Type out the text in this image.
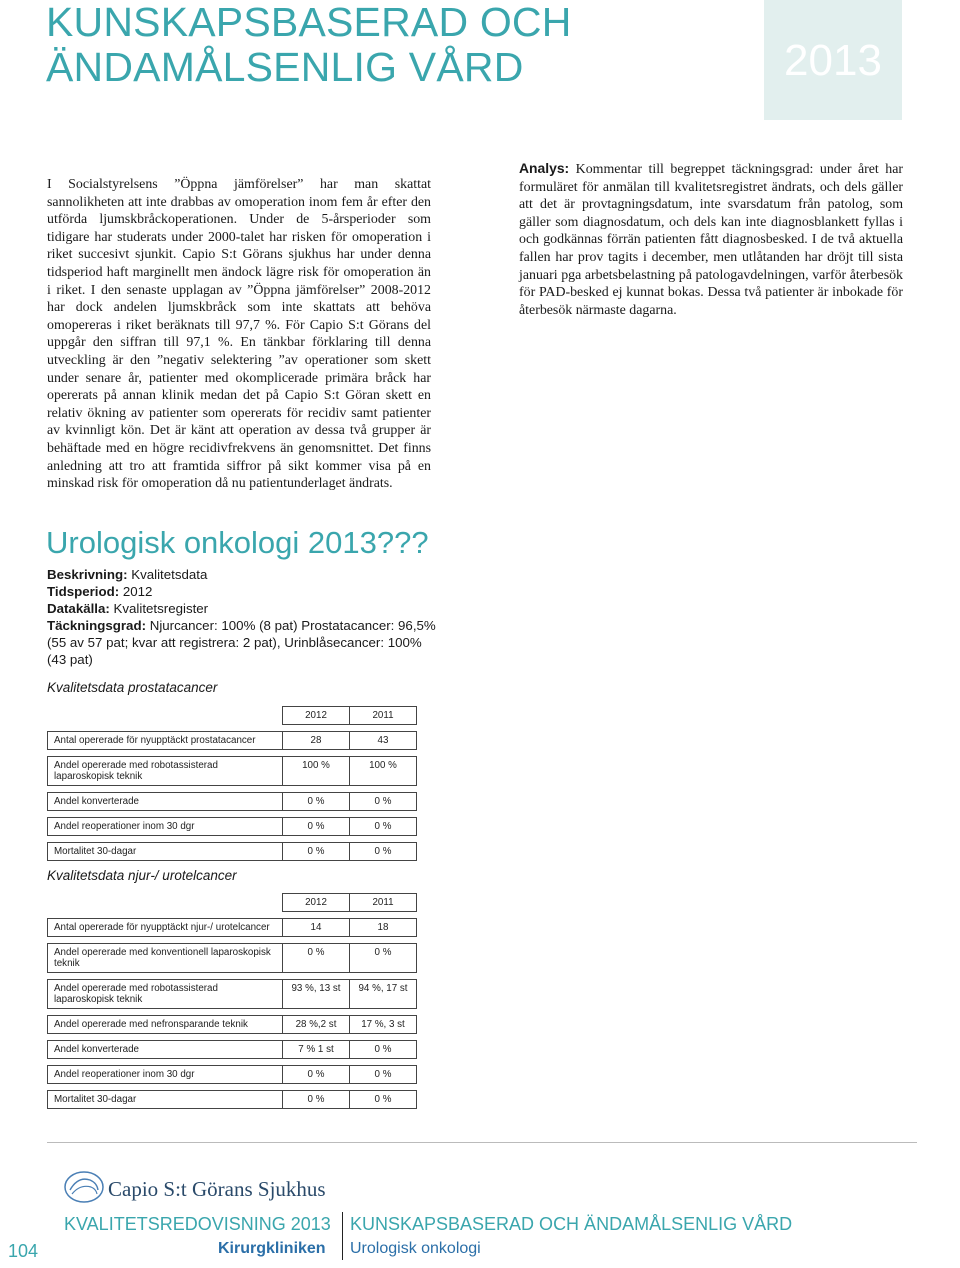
KUNSKAPSBASERAD OCH
ÄNDAMÅLSENLIG VÅRD	2013

I Socialstyrelsens ”Öppna jämförelser” har man skattat sannolikheten att inte drabbas av omoperation inom fem år efter den utförda ljumskbråckoperationen. Under de 5-årsperioder som tidigare har studerats under 2000-talet har risken för omoperation i riket succesivt sjunkit. Capio S:t Görans sjukhus har under denna tidsperiod haft marginellt men ändock lägre risk för omoperation än i riket. I den senaste upplagan av ”Öppna jämförelser” 2008-2012 har dock andelen ljumskbråck som inte skattats att behöva omopereras i riket beräknats till 97,7 %. För Capio S:t Görans del uppgår den siffran till 97,1 %. En tänkbar förklaring till denna utveckling är den ”negativ selektering ”av operationer som skett under senare år, patienter med okomplicerade primära bråck har opererats på annan klinik medan det på Capio S:t Göran skett en relativ ökning av patienter som opererats för recidiv samt patienter av kvinnligt kön. Det är känt att operation av dessa två grupper är behäftade med en högre recidivfrekvens än genomsnittet. Det finns anledning att tro att framtida siffror på sikt kommer visa på en minskad risk för omoperation då nu patientunderlaget ändrats.

Analys: Kommentar till begreppet täckningsgrad: under året har formuläret för anmälan till kvalitetsregistret ändrats, och dels gäller att det är provtagningsdatum, inte svarsdatum från patolog, som gäller som diagnosdatum, och dels kan inte diagnosblankett fyllas i och godkännas förrän patienten fått diagnosbesked. I de två aktuella fallen har prov tagits i december, men utlåtanden har dröjt till sista januari pga arbetsbelastning på patologavdelningen, varför återbesök för PAD-besked ej kunnat bokas. Dessa två patienter är inbokade för återbesök närmaste dagarna.

Urologisk onkologi 2013???

Beskrivning: Kvalitetsdata

Tidsperiod: 2012

Datakälla: Kvalitetsregister

Täckningsgrad: Njurcancer: 100% (8 pat) Prostatacancer: 96,5% (55 av 57 pat; kvar att registrera: 2 pat), Urinblåsecancer: 100% (43 pat)

Kvalitetsdata prostatacancer
	2012	2011

Antal opererade för nyupptäckt prostatacancer	28	43

Andel opererade med robotassisterad laparoskopisk teknik	100 %	100 %

Andel konverterade	0 %	0 %

Andel reoperationer inom 30 dgr	0 %	0 %

Mortalitet 30-dagar	0 %	0 %
Kvalitetsdata njur-/ urotelcancer
	2012	2011

Antal opererade för nyupptäckt njur-/ urotelcancer	14	18

Andel opererade med konventionell laparoskopisk teknik	0 %	0 %

Andel opererade med robotassisterad laparoskopisk teknik	93 %, 13 st	94 %, 17 st

Andel opererade med nefronsparande teknik	28 %,2 st	17 %, 3 st

Andel konverterade	7 % 1 st	0 %

Andel reoperationer inom 30 dgr	0 %	0 %

Mortalitet 30-dagar	0 %	0 %
Capio S:t Görans Sjukhus
104
KVALITETSREDOVISNING 2013
Kirurgkliniken
KUNSKAPSBASERAD OCH ÄNDAMÅLSENLIG VÅRD
Urologisk onkologi
